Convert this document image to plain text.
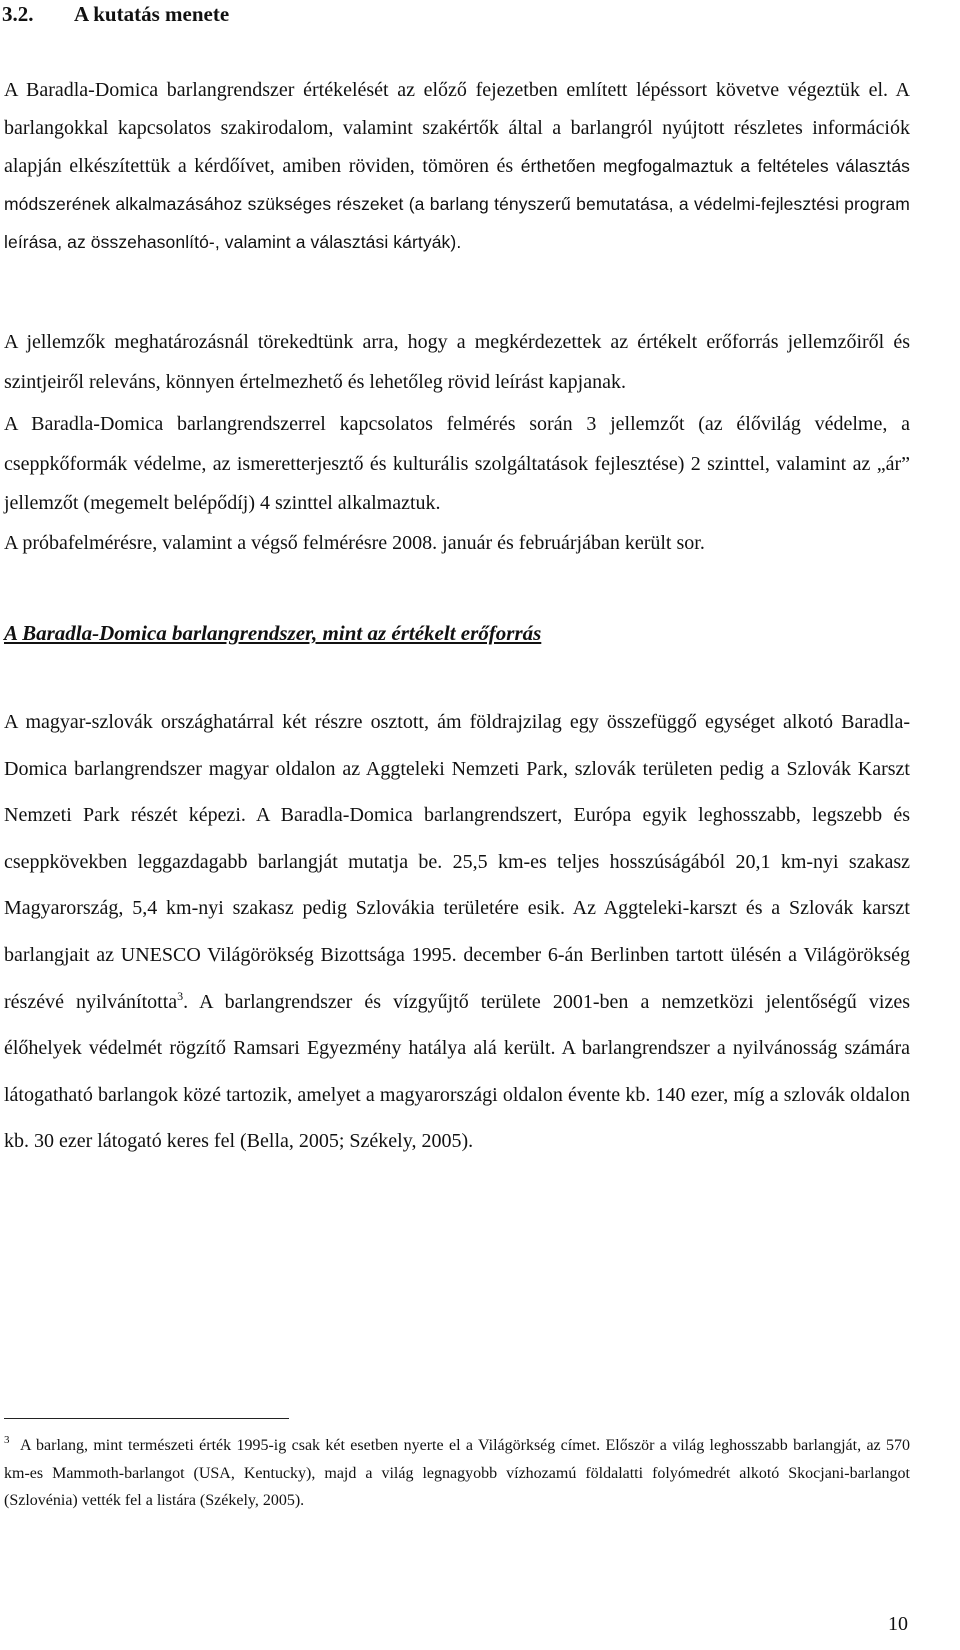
3.2. A kutatás menete

A Baradla-Domica barlangrendszer értékelését az előző fejezetben említett lépéssort követve végeztük el. A barlangokkal kapcsolatos szakirodalom, valamint szakértők által a barlangról nyújtott részletes információk alapján elkészítettük a kérdőívet, amiben röviden, tömören és érthetően megfogalmaztuk a feltételes választás módszerének alkalmazásához szükséges részeket (a barlang tényszerű bemutatása, a védelmi-fejlesztési program leírása, az összehasonlító-, valamint a választási kártyák).

A jellemzők meghatározásnál törekedtünk arra, hogy a megkérdezettek az értékelt erőforrás jellemzőiről és szintjeiről releváns, könnyen értelmezhető és lehetőleg rövid leírást kapjanak.

A Baradla-Domica barlangrendszerrel kapcsolatos felmérés során 3 jellemzőt (az élővilág védelme, a cseppkőformák védelme, az ismeretterjesztő és kulturális szolgáltatások fejlesztése) 2 szinttel, valamint az „ár” jellemzőt (megemelt belépődíj) 4 szinttel alkalmaztuk.

A próbafelmérésre, valamint a végső felmérésre 2008. január és februárjában került sor.

A Baradla-Domica barlangrendszer, mint az értékelt erőforrás

A magyar-szlovák országhatárral két részre osztott, ám földrajzilag egy összefüggő egységet alkotó Baradla-Domica barlangrendszer magyar oldalon az Aggteleki Nemzeti Park, szlovák területen pedig a Szlovák Karszt Nemzeti Park részét képezi. A Baradla-Domica barlangrendszert, Európa egyik leghosszabb, legszebb és cseppkövekben leggazdagabb barlangját mutatja be. 25,5 km-es teljes hosszúságából 20,1 km-nyi szakasz Magyarország, 5,4 km-nyi szakasz pedig Szlovákia területére esik. Az Aggteleki-karszt és a Szlovák karszt barlangjait az UNESCO Világörökség Bizottsága 1995. december 6-án Berlinben tartott ülésén a Világörökség részévé nyilvánította$^3$. A barlangrendszer és vízgyűjtő területe 2001-ben a nemzetközi jelentőségű vizes élőhelyek védelmét rögzítő Ramsari Egyezmény hatálya alá került. A barlangrendszer a nyilvánosság számára látogatható barlangok közé tartozik, amelyet a magyarországi oldalon évente kb. 140 ezer, míg a szlovák oldalon kb. 30 ezer látogató keres fel (Bella, 2005; Székely, 2005).

$^3$ A barlang, mint természeti érték 1995-ig csak két esetben nyerte el a Világörkség címet. Először a világ leghosszabb barlangját, az 570 km-es Mammoth-barlangot (USA, Kentucky), majd a világ legnagyobb vízhozamú földalatti folyómedrét alkotó Skocjani-barlangot (Szlovénia) vették fel a listára (Székely, 2005).

10
